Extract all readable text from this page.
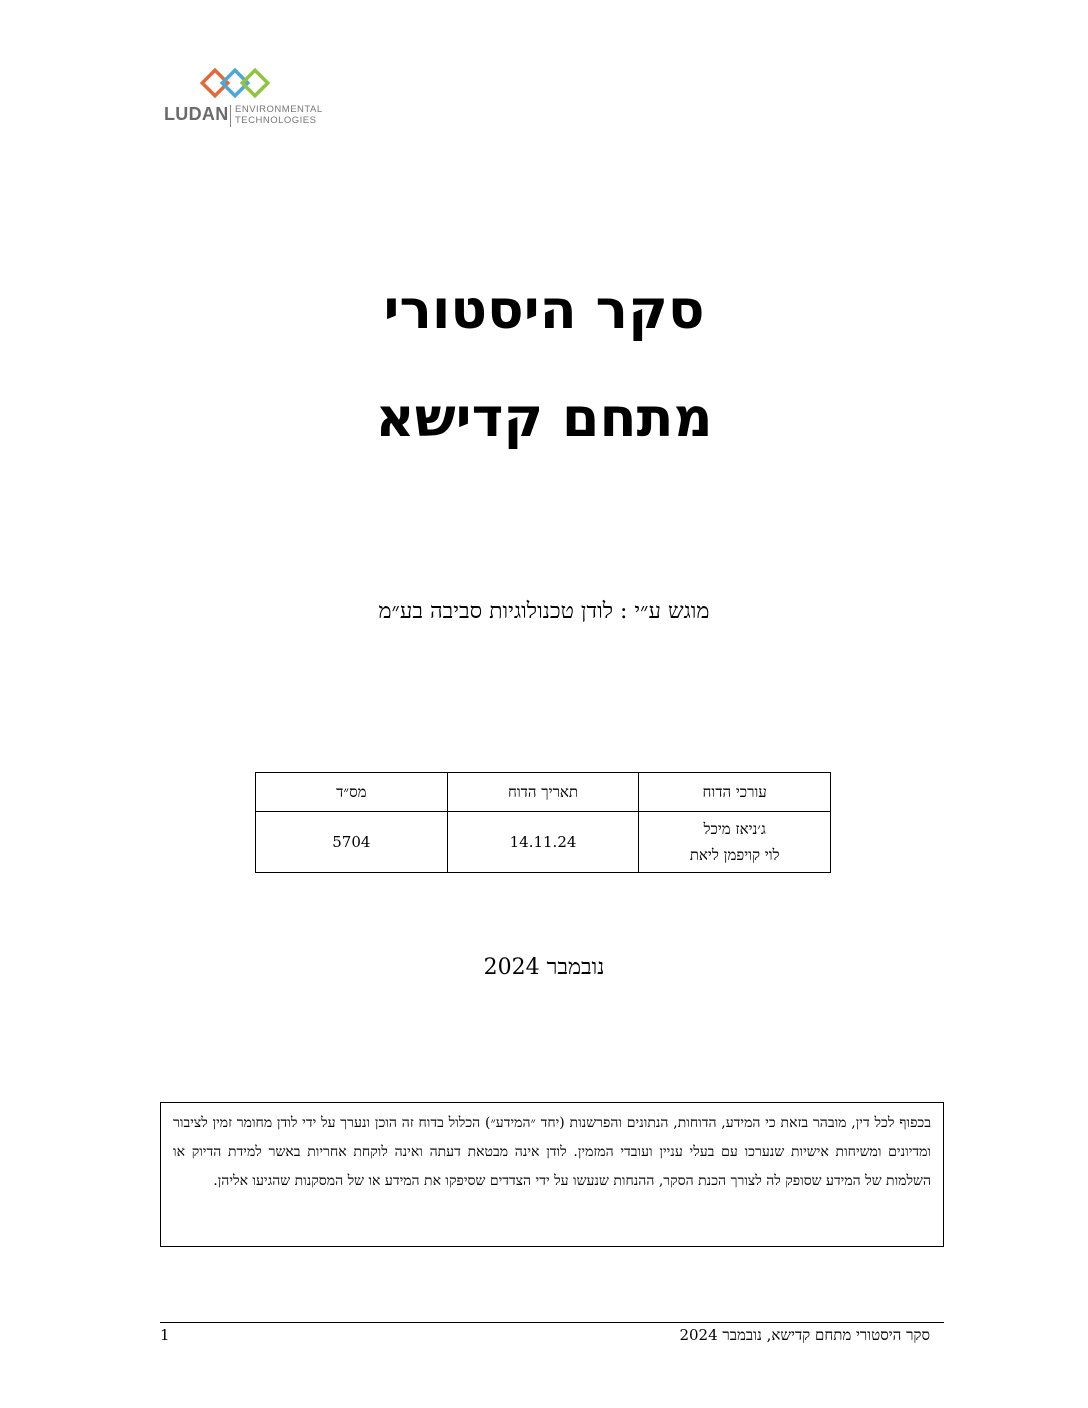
LUDAN ENVIRONMENTAL
TECHNOLOGIES
סקר היסטורי
מתחם קדישא
מוגש ע״י : לודן טכנולוגיות סביבה בע״מ
עורכי הדוח	תאריך הדוח	מס״ד

ג׳ניאז מיכל
לוי קויפמן ליאת	14.11.24	5704
נובמבר 2024
בכפוף לכל דין, מובהר בזאת כי המידע, הדוחות, הנתונים והפרשנות (יחד ״המידע״) הכלול בדוח זה הוכן ונערך על ידי לודן מחומר זמין לציבור ומדיונים ומשיחות אישיות שנערכו עם בעלי עניין ועובדי המזמין. לודן אינה מבטאת דעתה ואינה לוקחת אחריות באשר למידת הדיוק או השלמות של המידע שסופק לה לצורך הכנת הסקר, ההנחות שנעשו על ידי הצדדים שסיפקו את המידע או של המסקנות שהגיעו אליהן.
סקר היסטורי מתחם קדישא, נובמבר 2024
1
